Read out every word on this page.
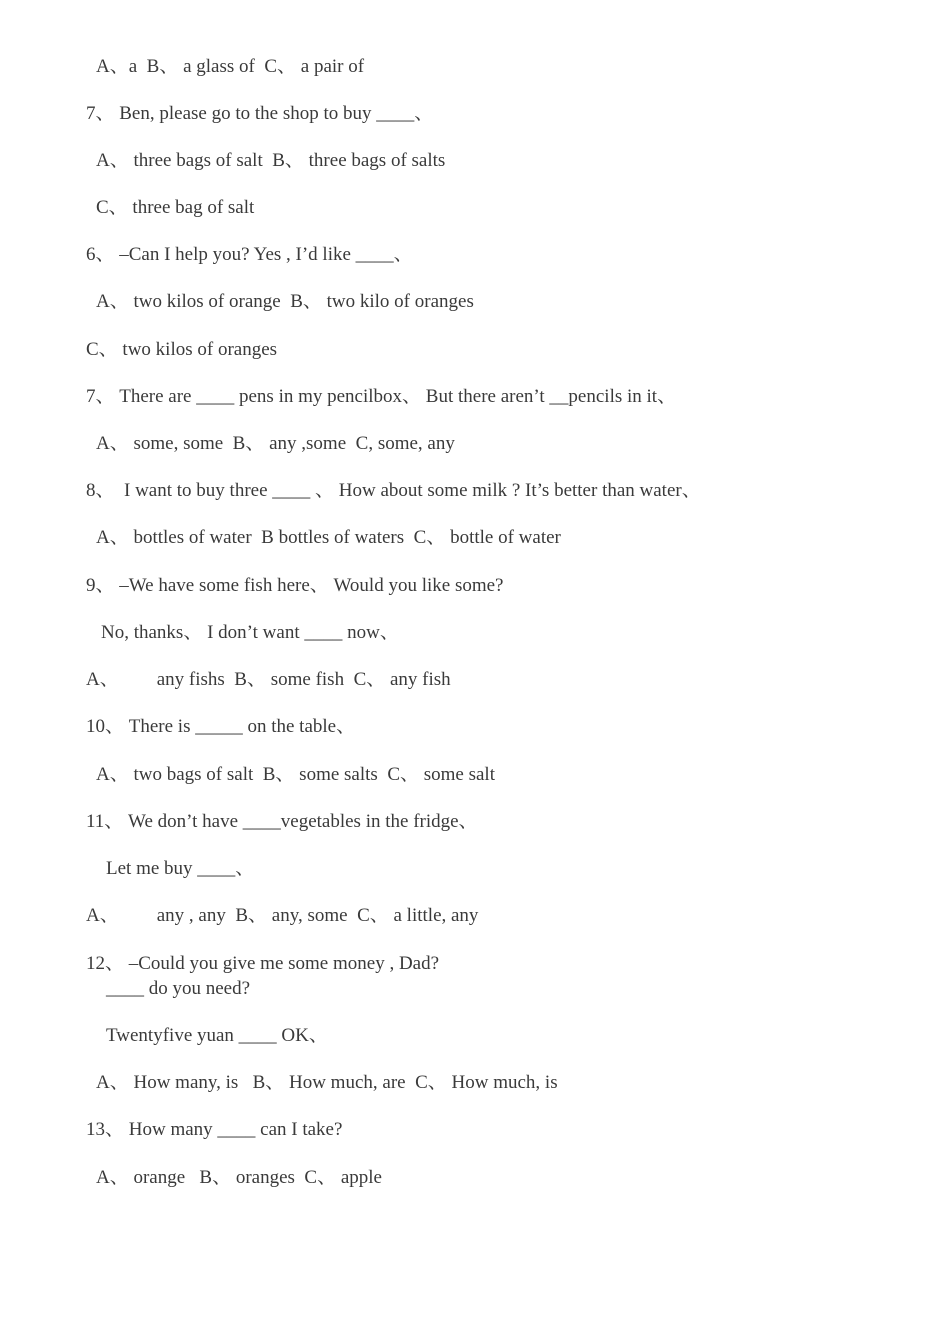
A、a  B、 a glass of  C、 a pair of

7、 Ben, please go to the shop to buy ____、

A、 three bags of salt  B、 three bags of salts

C、 three bag of salt

6、 –Can I help you? Yes , I’d like ____、

A、 two kilos of orange  B、 two kilo of oranges

C、 two kilos of oranges

7、 There are ____ pens in my pencilbox、 But there aren’t __pencils in it、

A、 some, some  B、 any ,some  C, some, any

8、  I want to buy three ____ 、 How about some milk ? It’s better than water、

A、 bottles of water  B bottles of waters  C、 bottle of water

9、 –We have some fish here、 Would you like some?

No, thanks、 I don’t want ____ now、

A、        any fishs  B、 some fish  C、 any fish

10、 There is _____ on the table、

A、 two bags of salt  B、 some salts  C、 some salt

11、 We don’t have ____vegetables in the fridge、

Let me buy ____、

A、        any , any  B、 any, some  C、 a little, any

12、 –Could you give me some money , Dad?

____ do you need?

Twentyfive yuan ____ OK、

A、 How many, is   B、 How much, are  C、 How much, is

13、 How many ____ can I take?

A、 orange   B、 oranges  C、 apple
